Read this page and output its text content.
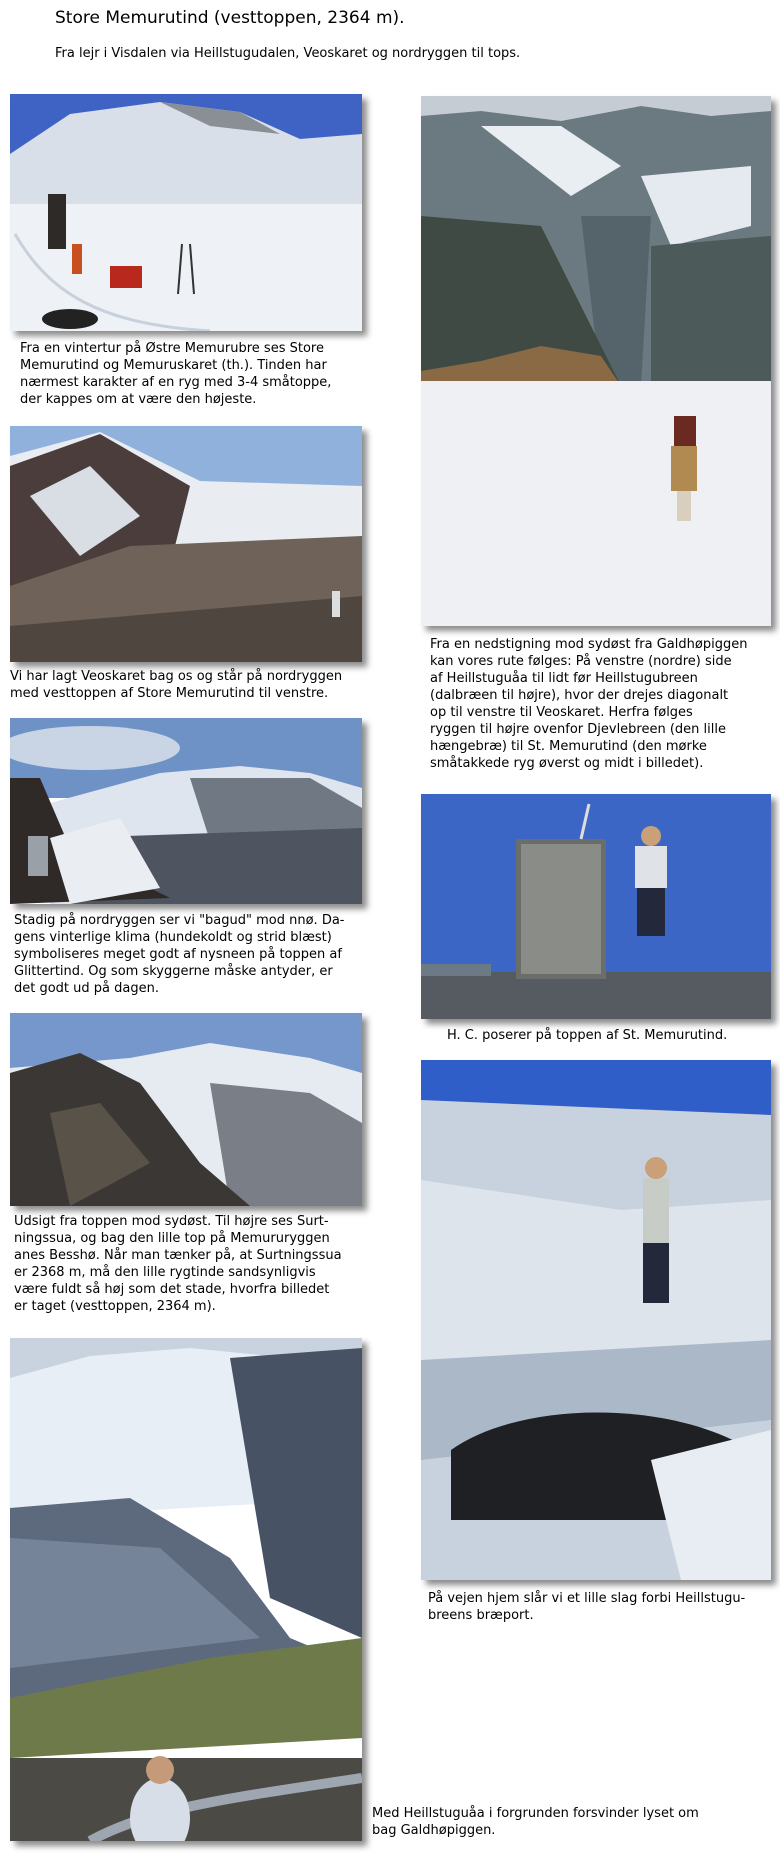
Store Memurutind (vesttoppen, 2364 m).
Fra lejr i Visdalen via Heillstugudalen, Veoskaret og nordryggen til tops.
Fra en vintertur på Østre Memurubre ses Store
Memurutind og Memuruskaret (th.). Tinden har
nærmest karakter af en ryg med 3-4 småtoppe,
der kappes om at være den højeste.
Vi har lagt Veoskaret bag os og står på nordryggen
med vesttoppen af Store Memurutind til venstre.
Stadig på nordryggen ser vi "bagud" mod nnø. Da-
gens vinterlige klima (hundekoldt og strid blæst)
symboliseres meget godt af nysneen på toppen af
Glittertind. Og som skyggerne måske antyder, er
det godt ud på dagen.
Udsigt fra toppen mod sydøst. Til højre ses Surt-
ningssua, og bag den lille top på Memururyggen
anes Besshø. Når man tænker på, at Surtningssua
er 2368 m, må den lille rygtinde sandsynligvis
være fuldt så høj som det stade, hvorfra billedet
er taget (vesttoppen, 2364 m).
Med Heillstuguåa i forgrunden forsvinder lyset om
bag Galdhøpiggen.
Fra en nedstigning mod sydøst fra Galdhøpiggen
kan vores rute følges: På venstre (nordre) side
af Heillstuguåa til lidt før Heillstugubreen
(dalbræen til højre), hvor der drejes diagonalt
op til venstre til Veoskaret. Herfra følges
ryggen til højre ovenfor Djevlebreen (den lille
hængebræ) til St. Memurutind (den mørke
småtakkede ryg øverst og midt i billedet).
H. C. poserer på toppen af St. Memurutind.
På vejen hjem slår vi et lille slag forbi Heillstugu-
breens bræport.
